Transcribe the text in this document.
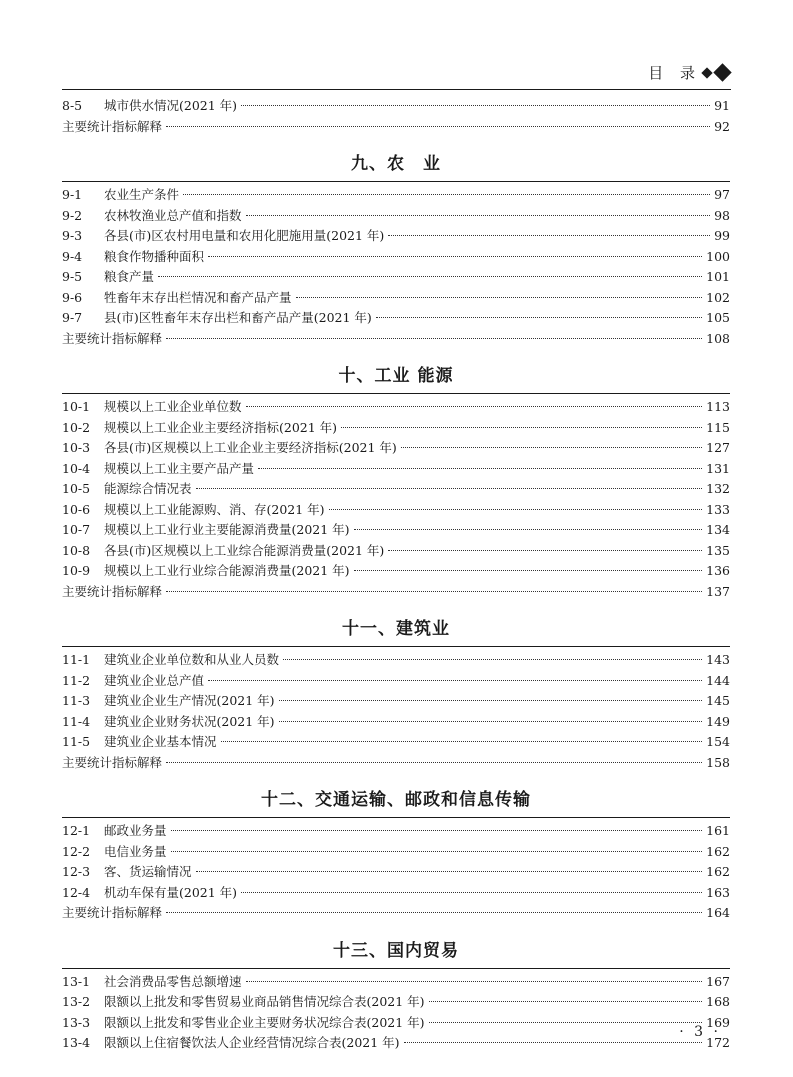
目 录
8-5	城市供水情况(2021 年)	91
主要统计指标解释	92
九、农　业
9-1	农业生产条件	97
9-2	农林牧渔业总产值和指数	98
9-3	各县(市)区农村用电量和农用化肥施用量(2021 年)	99
9-4	粮食作物播种面积	100
9-5	粮食产量	101
9-6	牲畜年末存出栏情况和畜产品产量	102
9-7	县(市)区牲畜年末存出栏和畜产品产量(2021 年)	105
主要统计指标解释	108
十、工业 能源
10-1	规模以上工业企业单位数	113
10-2	规模以上工业企业主要经济指标(2021 年)	115
10-3	各县(市)区规模以上工业企业主要经济指标(2021 年)	127
10-4	规模以上工业主要产品产量	131
10-5	能源综合情况表	132
10-6	规模以上工业能源购、消、存(2021 年)	133
10-7	规模以上工业行业主要能源消费量(2021 年)	134
10-8	各县(市)区规模以上工业综合能源消费量(2021 年)	135
10-9	规模以上工业行业综合能源消费量(2021 年)	136
主要统计指标解释	137
十一、建筑业
11-1	建筑业企业单位数和从业人员数	143
11-2	建筑业企业总产值	144
11-3	建筑业企业生产情况(2021 年)	145
11-4	建筑业企业财务状况(2021 年)	149
11-5	建筑业企业基本情况	154
主要统计指标解释	158
十二、交通运输、邮政和信息传输
12-1	邮政业务量	161
12-2	电信业务量	162
12-3	客、货运输情况	162
12-4	机动车保有量(2021 年)	163
主要统计指标解释	164
十三、国内贸易
13-1	社会消费品零售总额增速	167
13-2	限额以上批发和零售贸易业商品销售情况综合表(2021 年)	168
13-3	限额以上批发和零售业企业主要财务状况综合表(2021 年)	169
13-4	限额以上住宿餐饮法人企业经营情况综合表(2021 年)	172
· 3 ·
